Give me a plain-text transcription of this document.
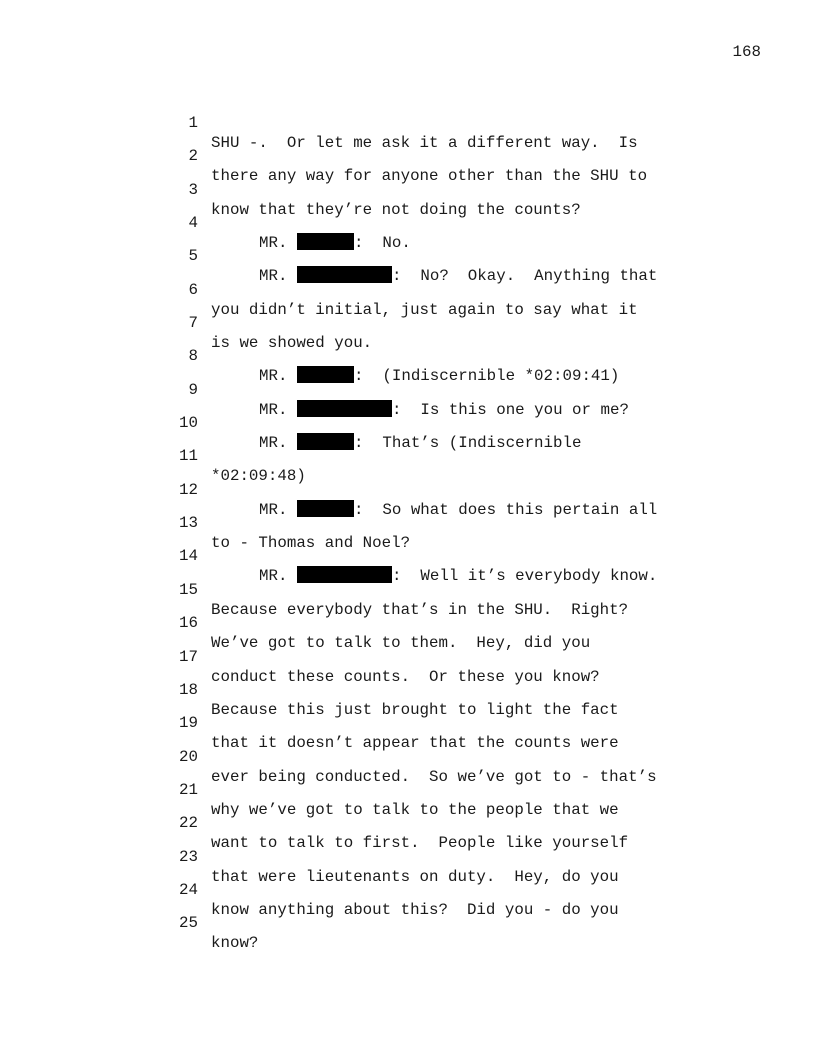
168

1

SHU -.  Or let me ask it a different way.  Is

2

there any way for anyone other than the SHU to

3

know that they’re not doing the counts?

4

MR.	:  No.

5

MR.	:  No?  Okay.  Anything that

6

you didn’t initial, just again to say what it

7

is we showed you.

8

MR.	:  (Indiscernible *02:09:41)

9

MR.	:  Is this one you or me?

10

MR.	:  That’s (Indiscernible

11

*02:09:48)

12

MR.	:  So what does this pertain all

13

to - Thomas and Noel?

14

MR.	:  Well it’s everybody know.

15

Because everybody that’s in the SHU.  Right?

16

We’ve got to talk to them.  Hey, did you

17

conduct these counts.  Or these you know?

18

Because this just brought to light the fact

19

that it doesn’t appear that the counts were

20

ever being conducted.  So we’ve got to - that’s

21

why we’ve got to talk to the people that we

22

want to talk to first.  People like yourself

23

that were lieutenants on duty.  Hey, do you

24

know anything about this?  Did you - do you

25

know?
